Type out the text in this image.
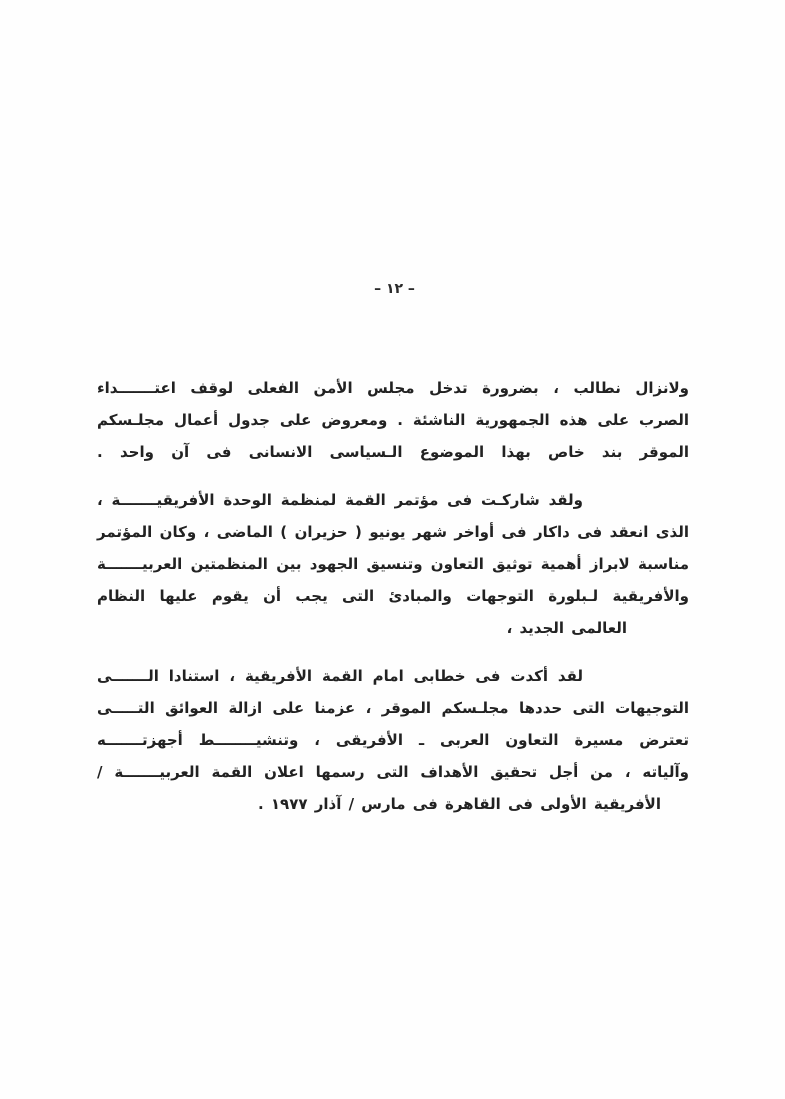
– ١٢ –
ولانزال نطالب ، بضرورة تدخل مجلس الأمن الفعلى لوقف اعتـــــــداء
الصرب على هذه الجمهورية الناشئة . ومعروض على جدول أعمال مجلـسكم
الموقر بند خاص بهذا الموضوع الـسياسى الانسانى فى آن واحد .
ولقد شاركـت فى مؤتمر القمة لمنظمة الوحدة الأفريقيـــــــة ،
الذى انعقد فى داكار فى أواخر شهر يونيو ( حزيران ) الماضى ، وكان المؤتمر
مناسبة لابراز أهمية توثيق التعاون وتنسيق الجهود بين المنظمتين العربيـــــــة
والأفريقية لـبلورة التوجهات والمبادئ التى يجب أن يقوم عليها النظام
العالمى الجديد ،
لقد أكدت فى خطابى امام القمة الأفريقية ، استنادا الـــــــى
التوجيهات التى حددها مجلـسكم الموقر ، عزمنا على ازالة العوائق التـــــى
تعترض مسيرة التعاون العربى ـ الأفريقى ، وتنشيــــــــط أجهزتـــــــه
وآلياته ، من أجل تحقيق الأهداف التى رسمها اعلان القمة العربيـــــــة /
الأفريقية الأولى فى القاهرة فى مارس / آذار ١٩٧٧ .
